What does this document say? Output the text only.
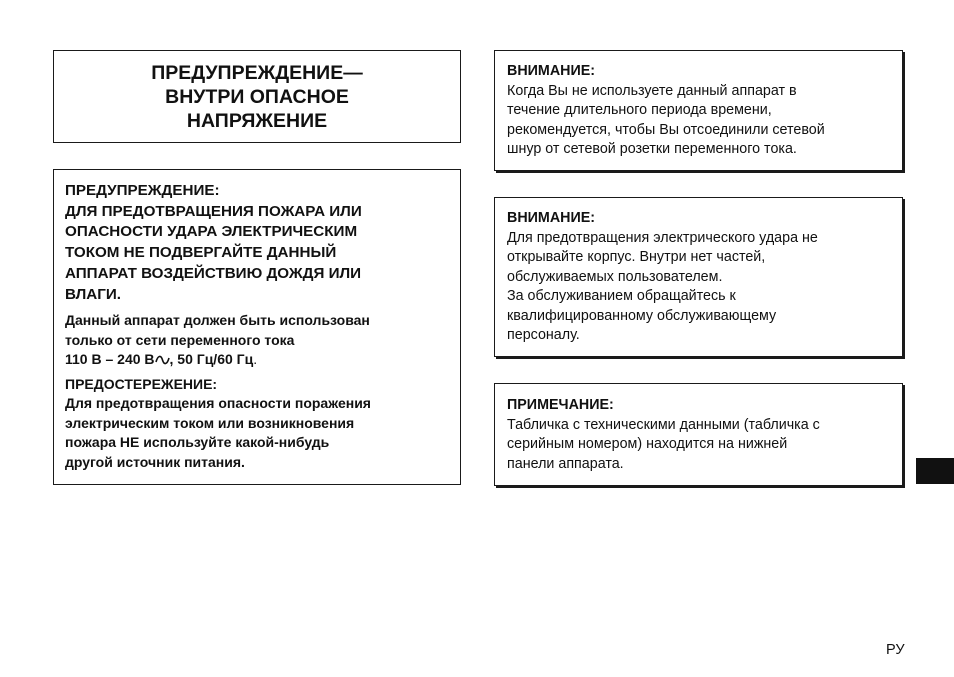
ПРЕДУПРЕЖДЕНИЕ—
ВНУТРИ ОПАСНОЕ
НАПРЯЖЕНИЕ
ПРЕДУПРЕЖДЕНИЕ:
ДЛЯ ПРЕДОТВРАЩЕНИЯ ПОЖАРА ИЛИ
ОПАСНОСТИ УДАРА ЭЛЕКТРИЧЕСКИМ
ТОКОМ НЕ ПОДВЕРГАЙТЕ ДАННЫЙ
АППАРАТ ВОЗДЕЙСТВИЮ ДОЖДЯ ИЛИ
ВЛАГИ.
Данный аппарат должен быть использован
только от сети переменного тока
110 В – 240 В , 50 Гц/60 Гц.
ПРЕДОСТЕРЕЖЕНИЕ:
Для предотвращения опасности поражения
электрическим током или возникновения
пожара НЕ используйте какой-нибудь
другой источник питания.
ВНИМАНИЕ:
Когда Вы не используете данный аппарат в
течение длительного периода времени,
рекомендуется, чтобы Вы отсоединили сетевой
шнур от сетевой розетки переменного тока.
ВНИМАНИЕ:
Для предотвращения электрического удара не
открывайте корпус. Внутри нет частей,
обслуживаемых пользователем.
За обслуживанием обращайтесь к
квалифицированному обслуживающему
персоналу.
ПРИМЕЧАНИЕ:
Табличка с техническими данными (табличка с
серийным номером) находится на нижней
панели аппарата.
РУ
